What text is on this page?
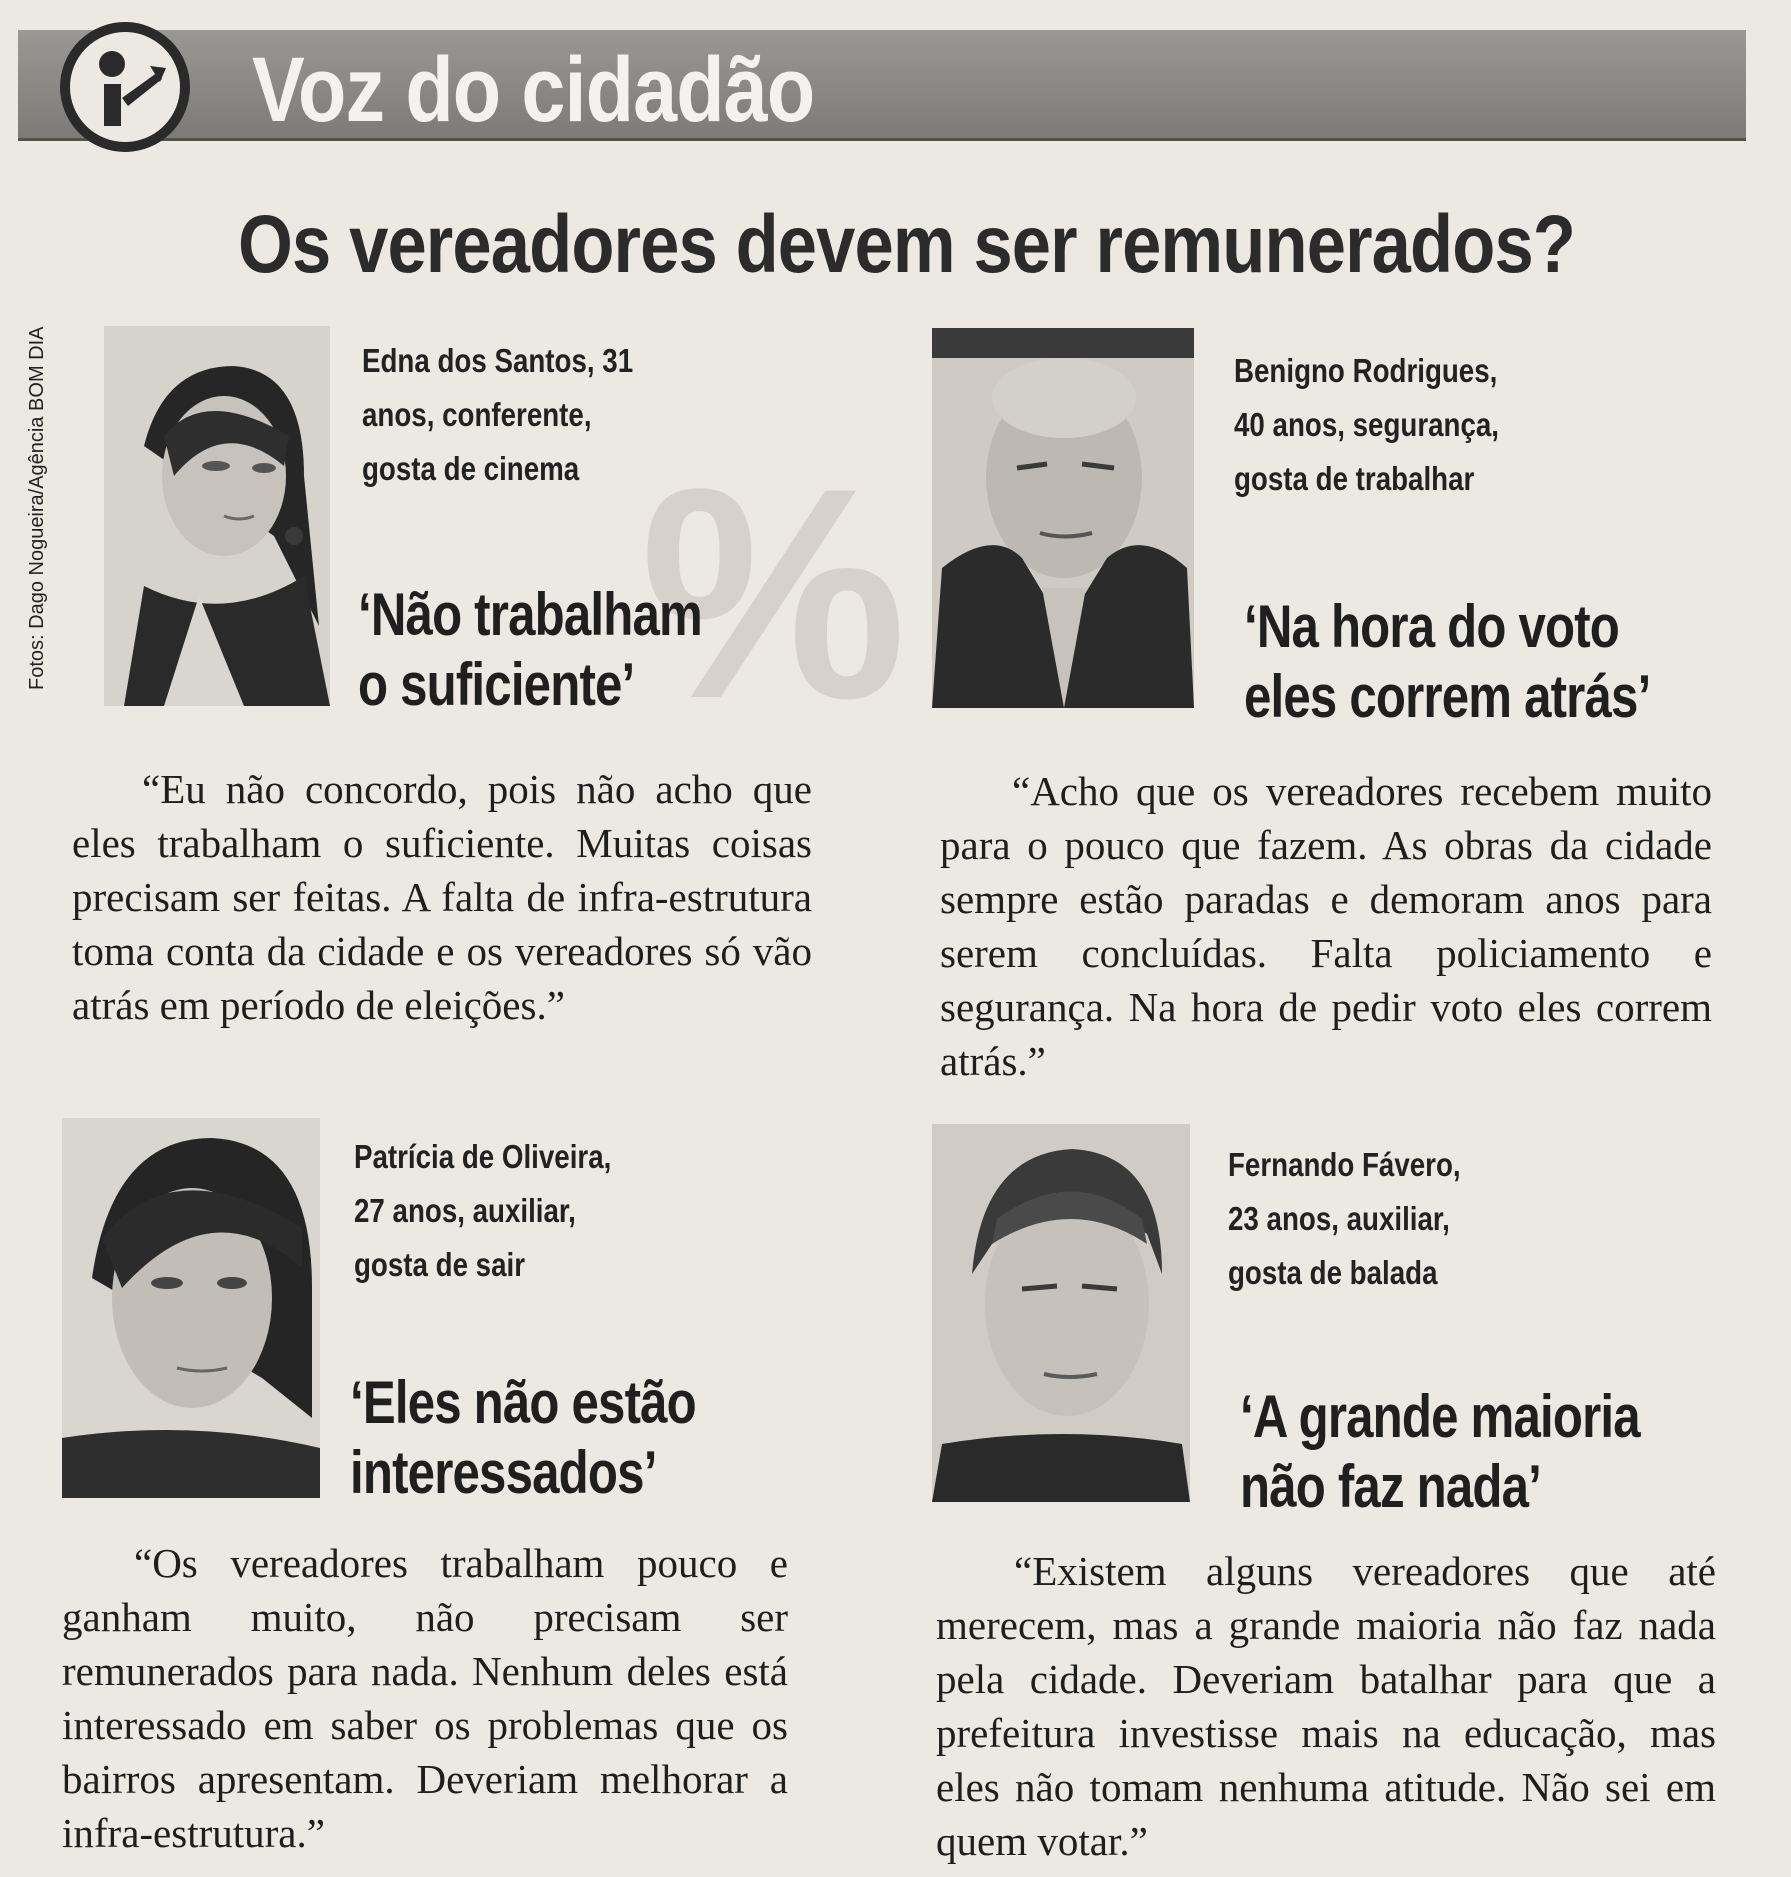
%
Voz do cidadão
Os vereadores devem ser remunerados?
Fotos: Dago Nogueira/Agência BOM DIA	Edna dos Santos, 31
anos, conferente,
gosta de cinema
‘Não trabalham
o suficiente’
“Eu não concordo, pois não acho que eles trabalham o suficiente. Muitas coisas precisam ser feitas. A falta de infra-estrutura toma conta da cidade e os vereadores só vão atrás em período de eleições.”
Benigno Rodrigues,
40 anos, segurança,
gosta de trabalhar
‘Na hora do voto
eles correm atrás’
“Acho que os vereadores recebem muito para o pouco que fazem. As obras da cidade sempre estão paradas e demoram anos para serem concluídas. Falta policiamento e segurança. Na hora de pedir voto eles correm atrás.”
Patrícia de Oliveira,
27 anos, auxiliar,
gosta de sair
‘Eles não estão
interessados’
“Os vereadores trabalham pouco e ganham muito, não precisam ser remunerados para nada. Nenhum deles está interessado em saber os problemas que os bairros apresentam. Deveriam melhorar a infra-estrutura.”
Fernando Fávero,
23 anos, auxiliar,
gosta de balada
‘A grande maioria
não faz nada’
“Existem alguns vereadores que até merecem, mas a grande maioria não faz nada pela cidade. Deveriam batalhar para que a prefeitura investisse mais na educação, mas eles não tomam nenhuma atitude. Não sei em quem votar.”
